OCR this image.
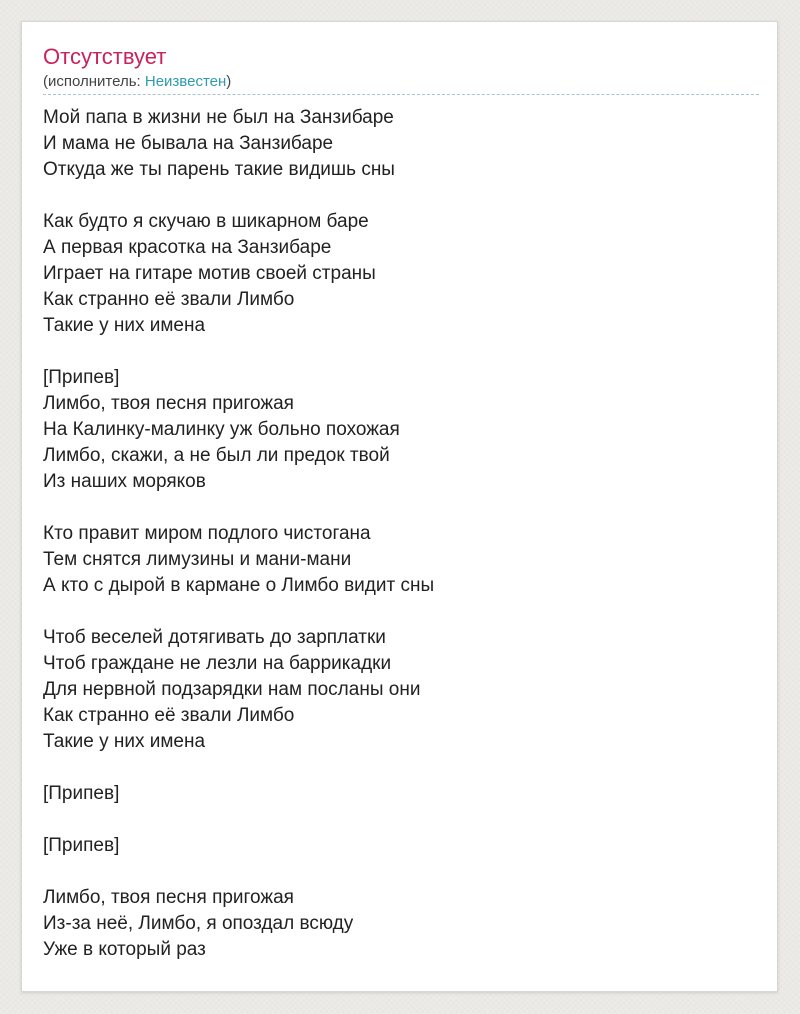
Отсутствует
(исполнитель: Неизвестен)
Мой папа в жизни не был на Занзибаре
И мама не бывала на Занзибаре
Откуда же ты парень такие видишь сны
Как будто я скучаю в шикарном баре
А первая красотка на Занзибаре
Играет на гитаре мотив своей страны
Как странно её звали Лимбо
Такие у них имена
[Припев]
Лимбо, твоя песня пригожая
На Калинку-малинку уж больно похожая
Лимбо, скажи, а не был ли предок твой
Из наших моряков
Кто правит миром подлого чистогана
Тем снятся лимузины и мани-мани
А кто с дырой в кармане о Лимбо видит сны
Чтоб веселей дотягивать до зарплатки
Чтоб граждане не лезли на баррикадки
Для нервной подзарядки нам посланы они
Как странно её звали Лимбо
Такие у них имена
[Припев]
[Припев]
Лимбо, твоя песня пригожая
Из-за неё, Лимбо, я опоздал всюду
Уже в который раз
